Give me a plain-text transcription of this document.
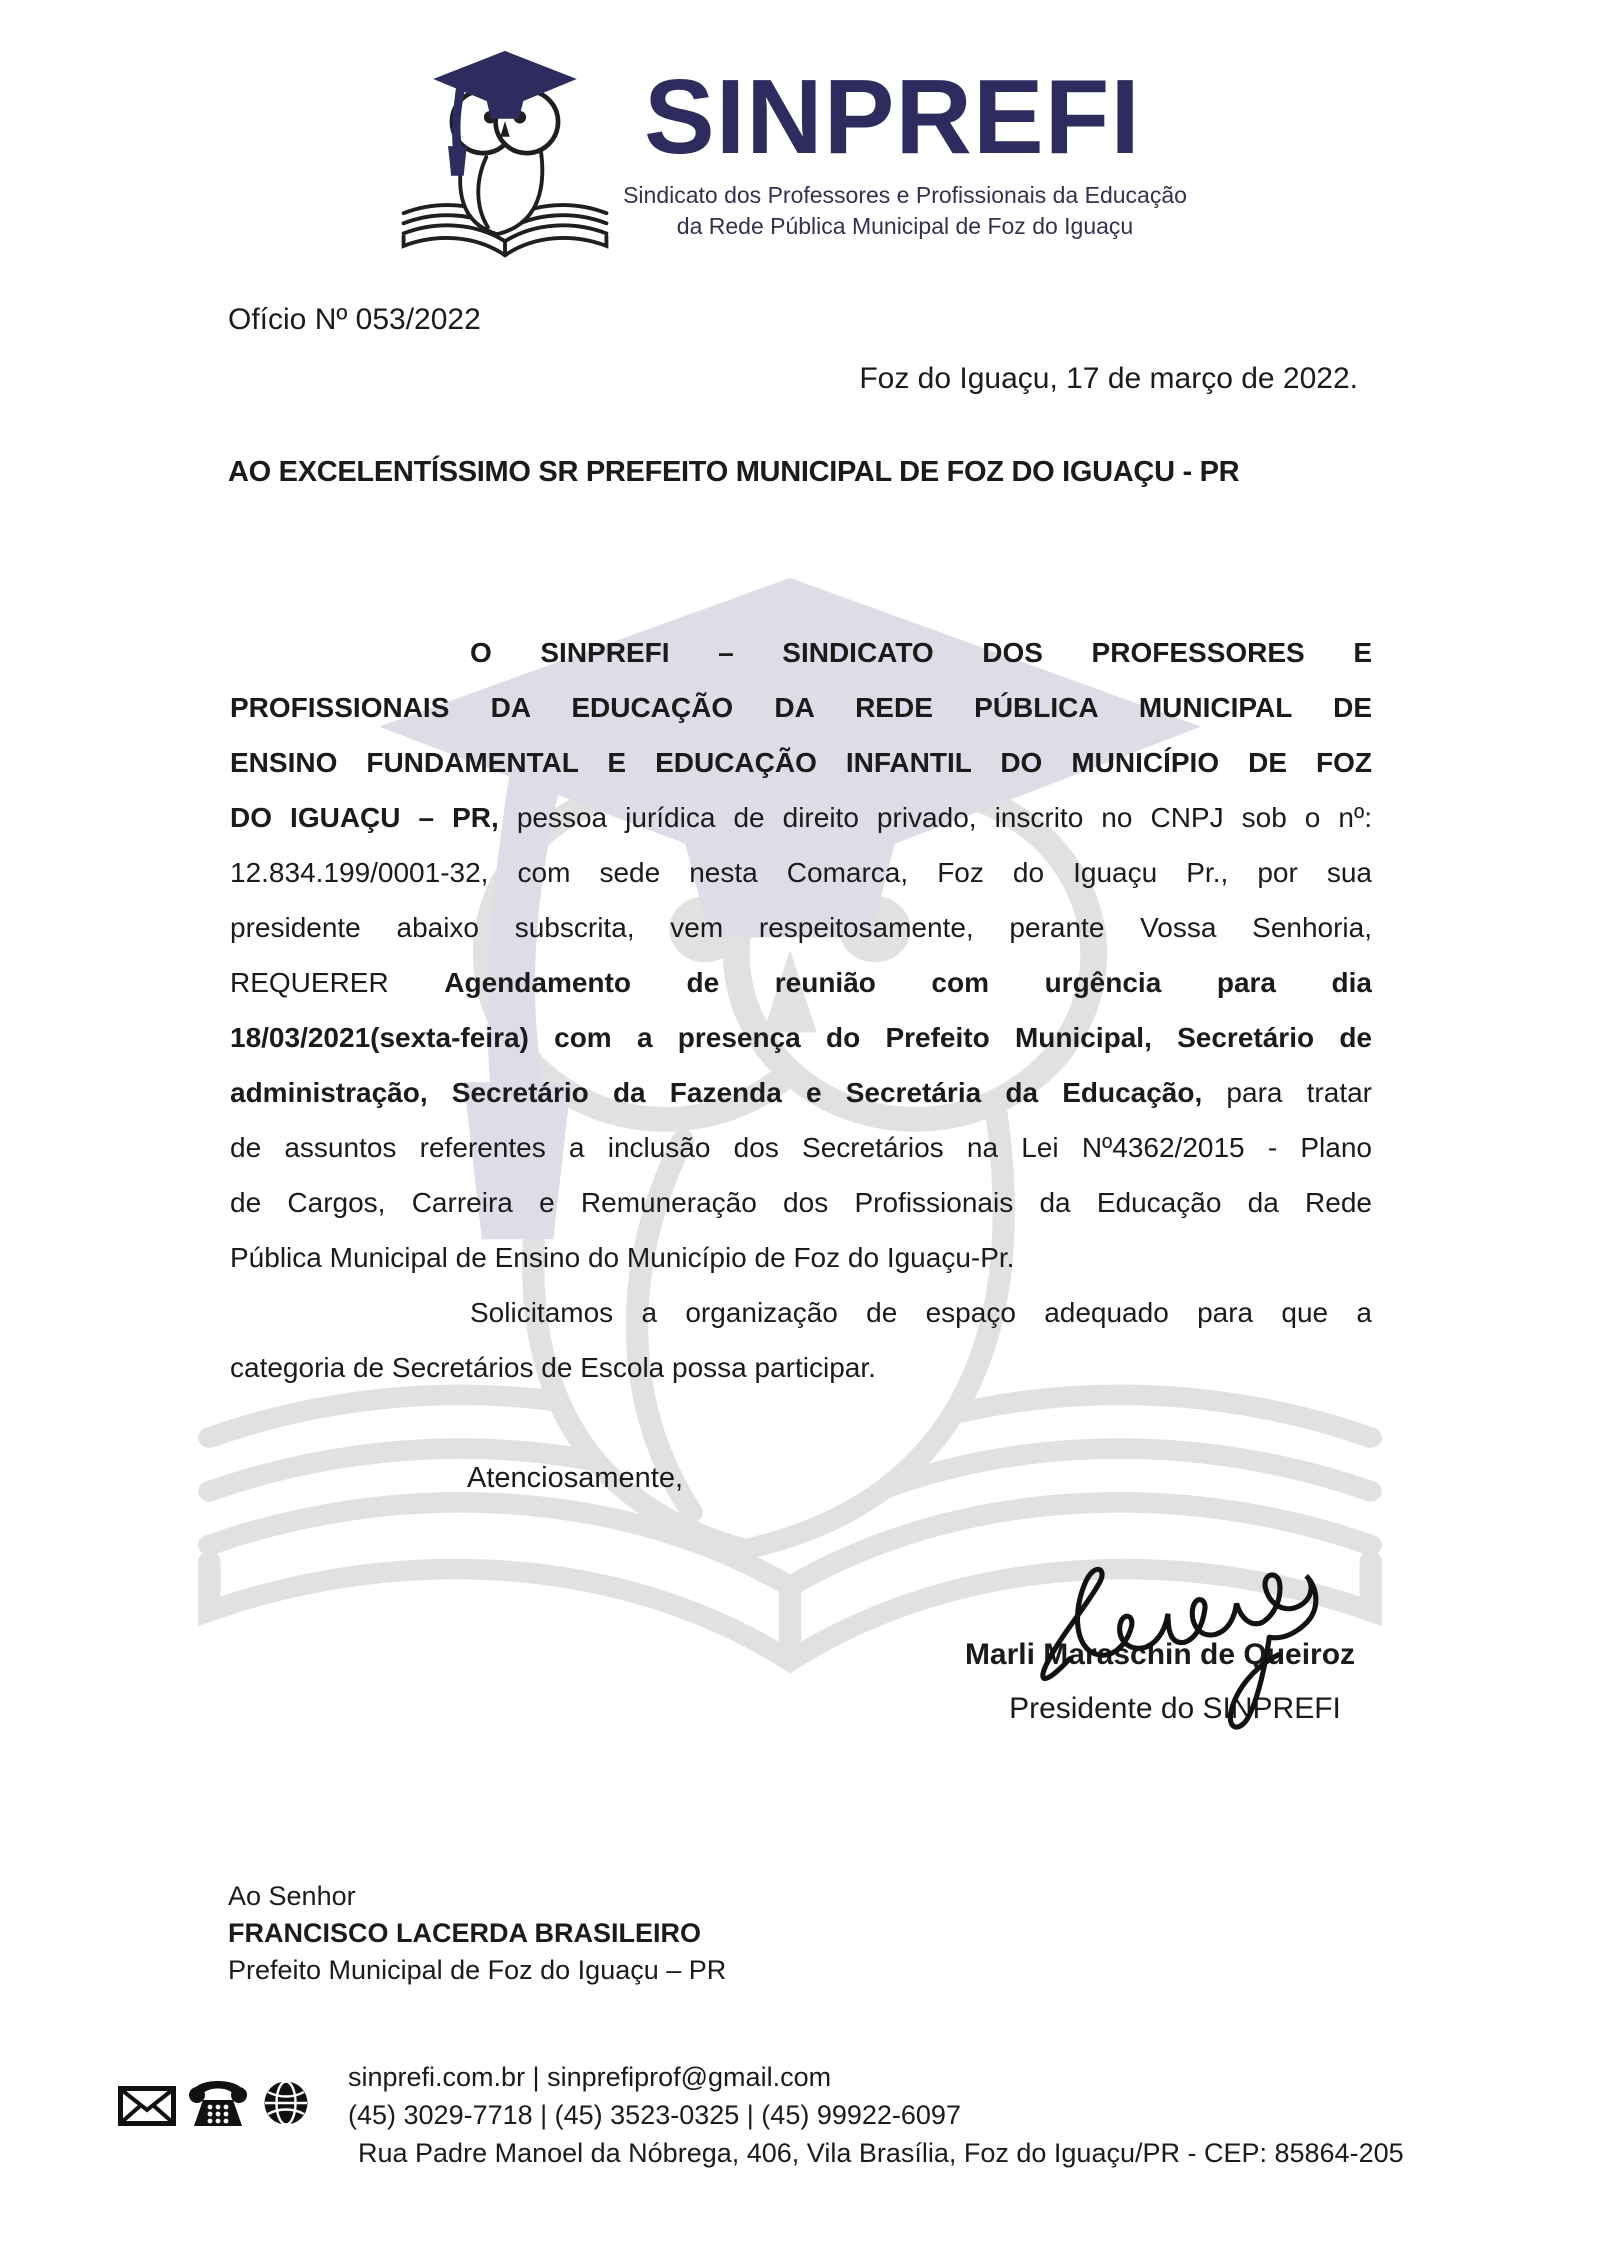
SINPREFI
Sindicato dos Professores e Profissionais da Educação
da Rede Pública Municipal de Foz do Iguaçu
Ofício Nº 053/2022
Foz do Iguaçu, 17 de março de 2022.
AO EXCELENTÍSSIMO SR PREFEITO MUNICIPAL DE FOZ DO IGUAÇU - PR
O SINPREFI – SINDICATO DOS PROFESSORES E
PROFISSIONAIS DA EDUCAÇÃO DA REDE PÚBLICA MUNICIPAL DE
ENSINO FUNDAMENTAL E EDUCAÇÃO INFANTIL DO MUNICÍPIO DE FOZ
DO IGUAÇU – PR, pessoa jurídica de direito privado, inscrito no CNPJ sob o nº:
12.834.199/0001-32, com sede nesta Comarca, Foz do Iguaçu Pr., por sua
presidente abaixo subscrita, vem respeitosamente, perante Vossa Senhoria,
REQUERER Agendamento de reunião com urgência para dia
18/03/2021(sexta-feira) com a presença do Prefeito Municipal, Secretário de
administração, Secretário da Fazenda e Secretária da Educação, para tratar
de assuntos referentes a inclusão dos Secretários na Lei Nº4362/2015 - Plano
de Cargos, Carreira e Remuneração dos Profissionais da Educação da Rede
Pública Municipal de Ensino do Município de Foz do Iguaçu-Pr.
Solicitamos a organização de espaço adequado para que a
categoria de Secretários de Escola possa participar.
Atenciosamente,
Marli Maraschin de Queiroz
Presidente do SINPREFI
Ao Senhor
FRANCISCO LACERDA BRASILEIRO
Prefeito Municipal de Foz do Iguaçu – PR
sinprefi.com.br | sinprefiprof@gmail.com
(45) 3029-7718 | (45) 3523-0325 | (45) 99922-6097
Rua Padre Manoel da Nóbrega, 406, Vila Brasília, Foz do Iguaçu/PR - CEP: 85864-205
